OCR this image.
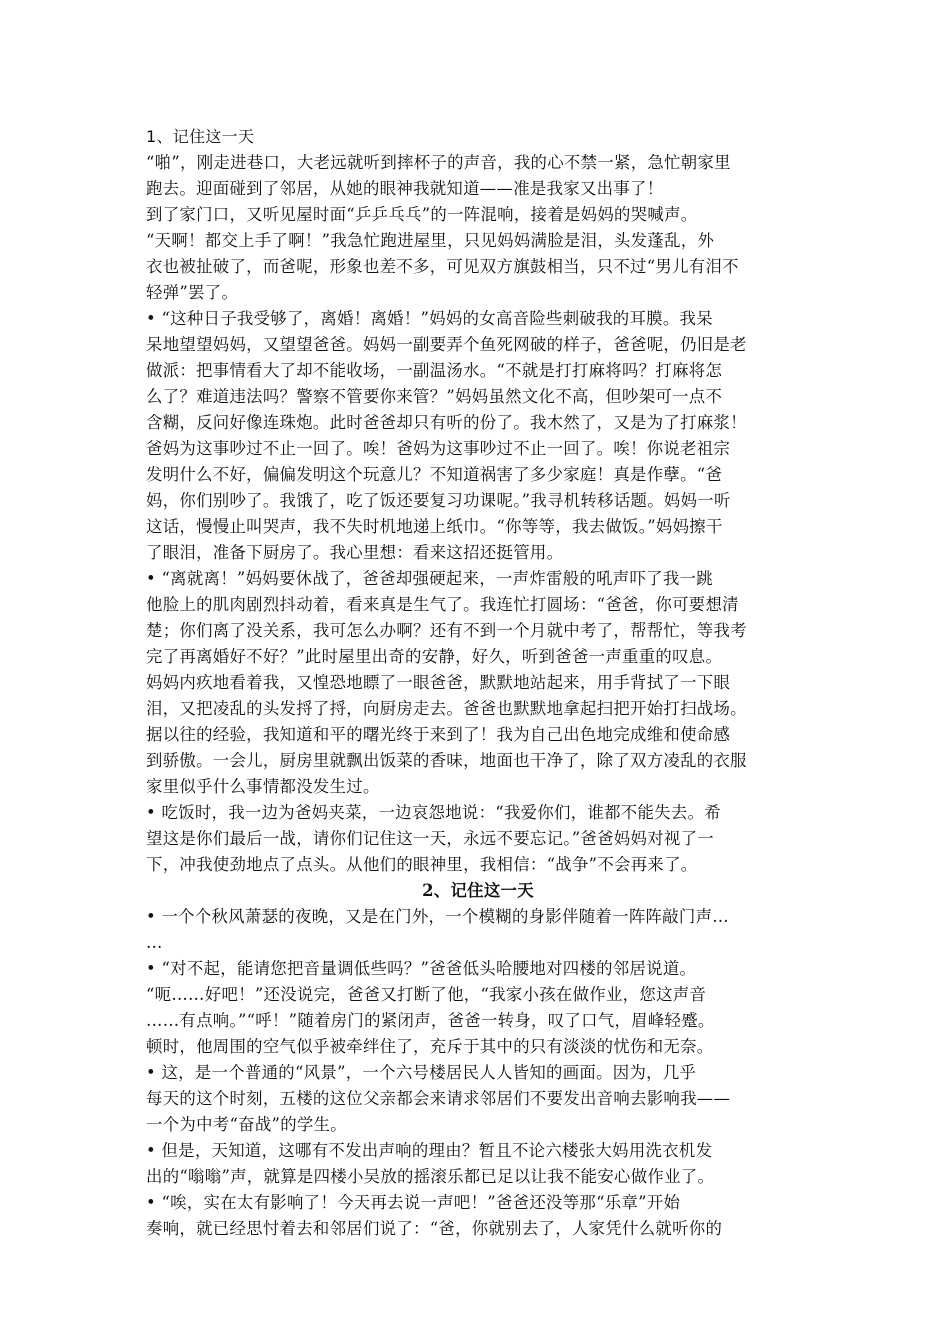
1、记住这一天
“啪”，刚走进巷口，大老远就听到摔杯子的声音，我的心不禁一紧，急忙朝家里
跑去。迎面碰到了邻居，从她的眼神我就知道——准是我家又出事了！
到了家门口，又听见屋时面“乒乒乓乓”的一阵混响，接着是妈妈的哭喊声。
“天啊！都交上手了啊！”我急忙跑进屋里，只见妈妈满脸是泪，头发蓬乱，外
衣也被扯破了，而爸呢，形象也差不多，可见双方旗鼓相当，只不过“男儿有泪不
轻弹”罢了。
• “这种日子我受够了，离婚！离婚！”妈妈的女高音险些刺破我的耳膜。我呆
呆地望望妈妈，又望望爸爸。妈妈一副要弄个鱼死网破的样子，爸爸呢，仍旧是老
做派：把事情看大了却不能收场，一副温汤水。“不就是打打麻将吗？打麻将怎
么了？难道违法吗？警察不管要你来管？”妈妈虽然文化不高，但吵架可一点不
含糊，反问好像连珠炮。此时爸爸却只有听的份了。我木然了，又是为了打麻浆！
爸妈为这事吵过不止一回了。唉！爸妈为这事吵过不止一回了。唉！你说老祖宗
发明什么不好，偏偏发明这个玩意儿？不知道祸害了多少家庭！真是作孽。“爸
妈，你们别吵了。我饿了，吃了饭还要复习功课呢。”我寻机转移话题。妈妈一听
这话，慢慢止叫哭声，我不失时机地递上纸巾。“你等等，我去做饭。”妈妈擦干
了眼泪，准备下厨房了。我心里想：看来这招还挺管用。
• “离就离！”妈妈要休战了，爸爸却强硬起来，一声炸雷般的吼声吓了我一跳
他脸上的肌肉剧烈抖动着，看来真是生气了。我连忙打圆场：“爸爸，你可要想清
楚；你们离了没关系，我可怎么办啊？还有不到一个月就中考了，帮帮忙，等我考
完了再离婚好不好？”此时屋里出奇的安静，好久，听到爸爸一声重重的叹息。
妈妈内疚地看着我，又惶恐地瞟了一眼爸爸，默默地站起来，用手背拭了一下眼
泪，又把凌乱的头发捋了捋，向厨房走去。爸爸也默默地拿起扫把开始打扫战场。
据以往的经验，我知道和平的曙光终于来到了！我为自己出色地完成维和使命感
到骄傲。一会儿，厨房里就飘出饭菜的香味，地面也干净了，除了双方凌乱的衣服
家里似乎什么事情都没发生过。
• 吃饭时，我一边为爸妈夹菜，一边哀怨地说：“我爱你们，谁都不能失去。希
望这是你们最后一战，请你们记住这一天，永远不要忘记。”爸爸妈妈对视了一
下，冲我使劲地点了点头。从他们的眼神里，我相信：“战争”不会再来了。
2、记住这一天
• 一个个秋风萧瑟的夜晚，又是在门外，一个模糊的身影伴随着一阵阵敲门声…
…
• “对不起，能请您把音量调低些吗？”爸爸低头哈腰地对四楼的邻居说道。
“呃……好吧！”还没说完，爸爸又打断了他，“我家小孩在做作业，您这声音
……有点响。”“呼！”随着房门的紧闭声，爸爸一转身，叹了口气，眉峰轻蹙。
顿时，他周围的空气似乎被牵绊住了，充斥于其中的只有淡淡的忧伤和无奈。
• 这，是一个普通的“风景”，一个六号楼居民人人皆知的画面。因为，几乎
每天的这个时刻，五楼的这位父亲都会来请求邻居们不要发出音响去影响我——
一个为中考“奋战”的学生。
• 但是，天知道，这哪有不发出声响的理由？暂且不论六楼张大妈用洗衣机发
出的“嗡嗡”声，就算是四楼小吴放的摇滚乐都已足以让我不能安心做作业了。
• “唉，实在太有影响了！今天再去说一声吧！”爸爸还没等那“乐章”开始
奏响，就已经思忖着去和邻居们说了：“爸，你就别去了，人家凭什么就听你的
